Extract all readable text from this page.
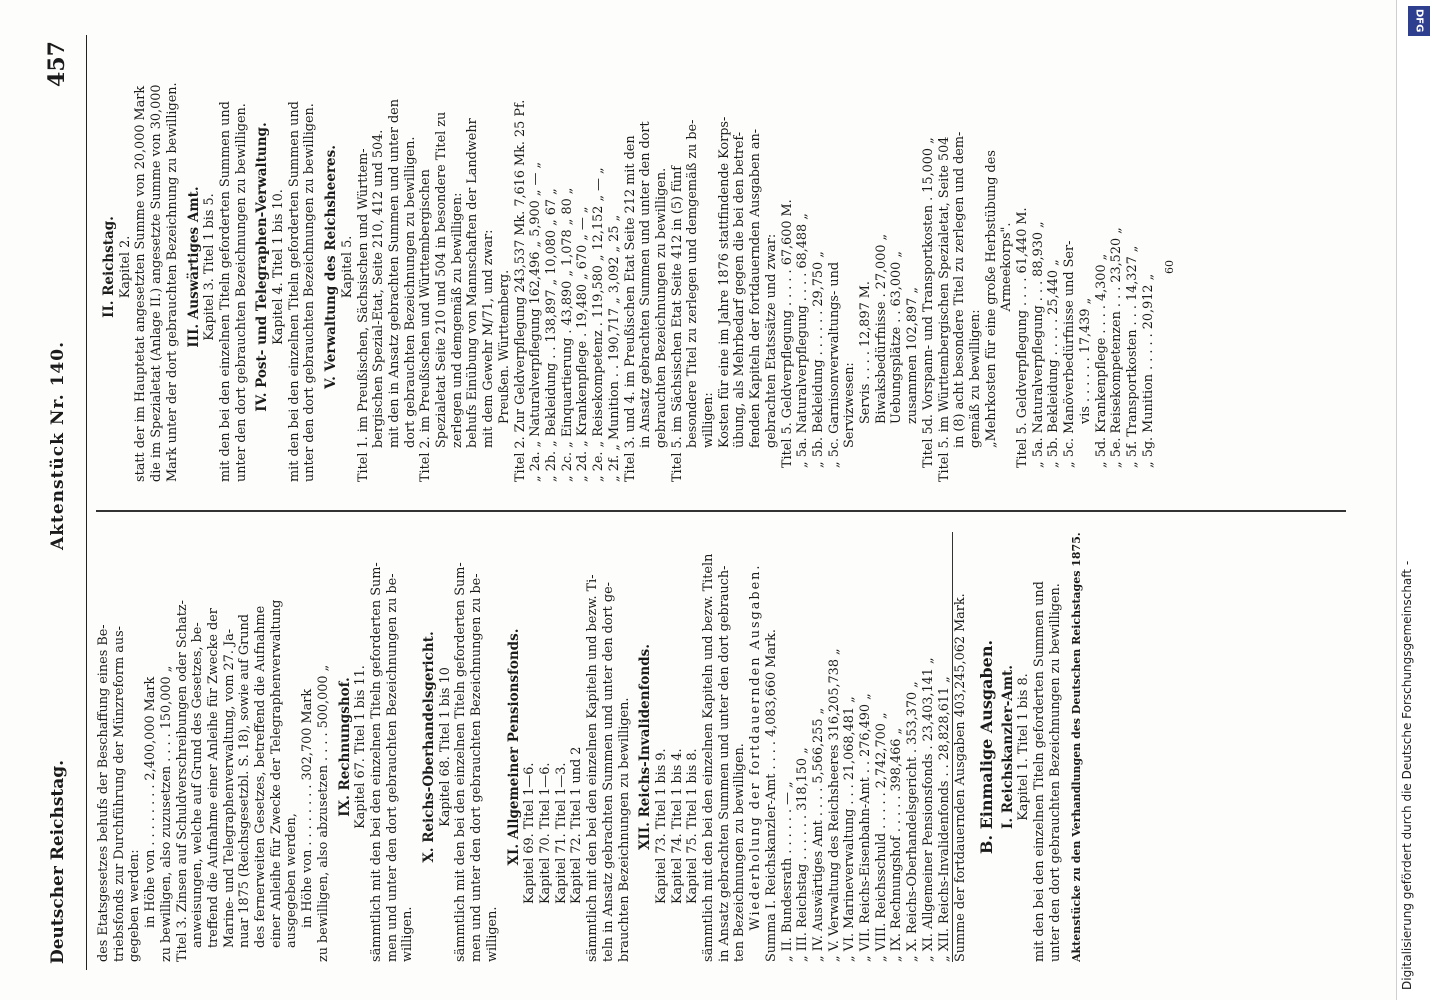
Deutscher Reichstag.
Aktenstück Nr. 140.
457
des Etatsgesetzes behufs der Beschaffung eines Be- triebsfonds zur Durchführung der Münzreform aus- gegeben werden: in Höhe von . . . . . . . . 2,400,000 Mark zu bewilligen, also zuzusetzen . . . . 150,000 „ Titel 3. Zinsen auf Schuldverschreibungen oder Schatz- anweisungen, welche auf Grund des Gesetzes, be- treffend die Aufnahme einer Anleihe für Zwecke der Marine- und Telegraphenverwaltung, vom 27. Ja- nuar 1875 (Reichsgesetzbl. S. 18), sowie auf Grund des fernerweiten Gesetzes, betreffend die Aufnahme einer Anleihe für Zwecke der Telegraphenverwaltung ausgegeben werden, in Höhe von . . . . . . . . 302,700 Mark zu bewilligen, also abzusetzen . . . . 500,000 „ IX. Rechnungshof. Kapitel 67. Titel 1 bis 11. sämmtlich mit den bei den einzelnen Titeln geforderten Sum- men und unter den dort gebrauchten Bezeichnungen zu be- willigen.
X. Reichs-Oberhandelsgericht. Kapitel 68. Titel 1 bis 10 sämmtlich mit den bei den einzelnen Titeln geforderten Sum- men und unter den dort gebrauchten Bezeichnungen zu be- willigen.
XI. Allgemeiner Pensionsfonds. Kapitel 69. Titel 1—6. Kapitel 70. Titel 1—6. Kapitel 71. Titel 1—3. Kapitel 72. Titel 1 und 2 sämmtlich mit den bei den einzelnen Kapiteln und bezw. Ti- teln in Ansatz gebrachten Summen und unter den dort ge- brauchten Bezeichnungen zu bewilligen. XII. Reichs-Invalidenfonds. Kapitel 73. Titel 1 bis 9. Kapitel 74. Titel 1 bis 4. Kapitel 75. Titel 1 bis 8. sämmtlich mit den bei den einzelnen Kapiteln und bezw. Titeln in Ansatz gebrachten Summen und unter den dort gebrauch- ten Bezeichnungen zu bewilligen. Wiederholung der fortdauernden Ausgaben. Summa I. Reichskanzler-Amt . . . . 4,083,660 Mark. „ II. Bundesrath . . . . . . — „ „ III. Reichstag . . . . . . 318,150 „ „ IV. Auswärtiges Amt . . . . 5,566,255 „ „ V. Verwaltung des Reichsheeres 316,205,738 „ „ VI. Marineverwaltung . . . 21,068,481 „ „ VII. Reichs-Eisenbahn-Amt . . 276,490 „ „ VIII. Reichsschuld . . . . . 2,742,700 „ „ IX. Rechnungshof . . . . . 398,466 „ „ X. Reichs-Oberhandelsgericht . 353,370 „ „ XI. Allgemeiner Pensionsfonds . 23,403,141 „ „ XII. Reichs-Invalidenfonds . . 28,828,611 „ Summe der fortdauernden Ausgaben 403,245,062 Mark. B. Einmalige Ausgaben. I. Reichskanzler-Amt. Kapitel 1. Titel 1 bis 8. mit den bei den einzelnen Titeln geforderten Summen und unter den dort gebrauchten Bezeichnungen zu bewilligen. Aktenstücke zu den Verhandlungen des Deutschen Reichstages 1875.
II. Reichstag. Kapitel 2. statt der im Hauptetat angesetzten Summe von 20,000 Mark die im Spezialetat (Anlage II.) angesetzte Summe von 30,000 Mark unter der dort gebrauchten Bezeichnung zu bewilligen. III. Auswärtiges Amt. Kapitel 3. Titel 1 bis 5. mit den bei den einzelnen Titeln geforderten Summen und unter den dort gebrauchten Bezeichnungen zu bewilligen. IV. Post- und Telegraphen-Verwaltung. Kapitel 4. Titel 1 bis 10. mit den bei den einzelnen Titeln geforderten Summen und unter den dort gebrauchten Bezeichnungen zu bewilligen. V. Verwaltung des Reichsheeres. Kapitel 5. Titel 1. im Preußischen, Sächsischen und Württem- bergischen Spezial-Etat, Seite 210, 412 und 504. mit den in Ansatz gebrachten Summen und unter den dort gebrauchten Bezeichnungen zu bewilligen. Titel 2. im Preußischen und Württembergischen Spezialetat Seite 210 und 504 in besondere Titel zu zerlegen und demgemäß zu bewilligen: behufs Einübung von Mannschaften der Landwehr mit dem Gewehr M/71, und zwar: Preußen. Württemberg. Titel 2. Zur Geldverpflegung 243,537 Mk. 7,616 Mk. 25 Pf. „ 2a. „ Naturalverpflegung 162,496 „ 5,900 „ — „ „ 2b. „ Bekleidung . . 138,897 „ 10,080 „ 67 „ „ 2c. „ Einquartierung . 43,890 „ 1,078 „ 80 „ „ 2d. „ Krankenpflege . 19,480 „ 670 „ — „ „ 2e. „ Reisekompetenz . 119,580 „ 12,152 „ — „ „ 2f. „ Munition . . 190,717 „ 3,092 „ 25 „ Titel 3. und 4. im Preußischen Etat Seite 212 mit den in Ansatz gebrachten Summen und unter den dort gebrauchten Bezeichnungen zu bewilligen. Titel 5. im Sächsischen Etat Seite 412 in (5) fünf besondere Titel zu zerlegen und demgemäß zu be- willigen: Kosten für eine im Jahre 1876 stattfindende Korps- übung, als Mehrbedarf gegen die bei den betref- fenden Kapiteln der fortdauernden Ausgaben an- gebrachten Etatssätze und zwar: Titel 5. Geldverpflegung . . . . . 67,600 M. „ 5a. Naturalverpflegung . . . . 68,488 „ „ 5b. Bekleidung . . . . . . 29,750 „ „ 5c. Garnisonverwaltungs- und Servizwesen: Servis . . . . 12,897 M. Biwaksbedürfnisse . 27,000 „ Uebungsplätze . . 63,000 „ zusammen 102,897 „ Titel 5d. Vorspann- und Transportkosten . 15,000 „ Titel 5. im Württembergischen Spezialetat, Seite 504 in (8) acht besondere Titel zu zerlegen und dem- gemäß zu bewilligen: „Mehrkosten für eine große Herbstübung des Armeekorps". Titel 5. Geldverpflegung . . . . 61,440 M. „ 5a. Naturalverpflegung . . . 88,930 „ „ 5b. Bekleidung . . . . . 25,440 „ „ 5c. Manöverbedürfnisse und Ser- vis . . . . . . 17,439 „ „ 5d. Krankenpflege . . . . 4,300 „ „ 5e. Reisekompetenzen . . . 23,520 „ „ 5f. Transportkosten . . . 14,327 „ „ 5g. Munition . . . . . 20,912 „
60
DFG
Digitalisierung gefördert durch die Deutsche Forschungsgemeinschaft -
